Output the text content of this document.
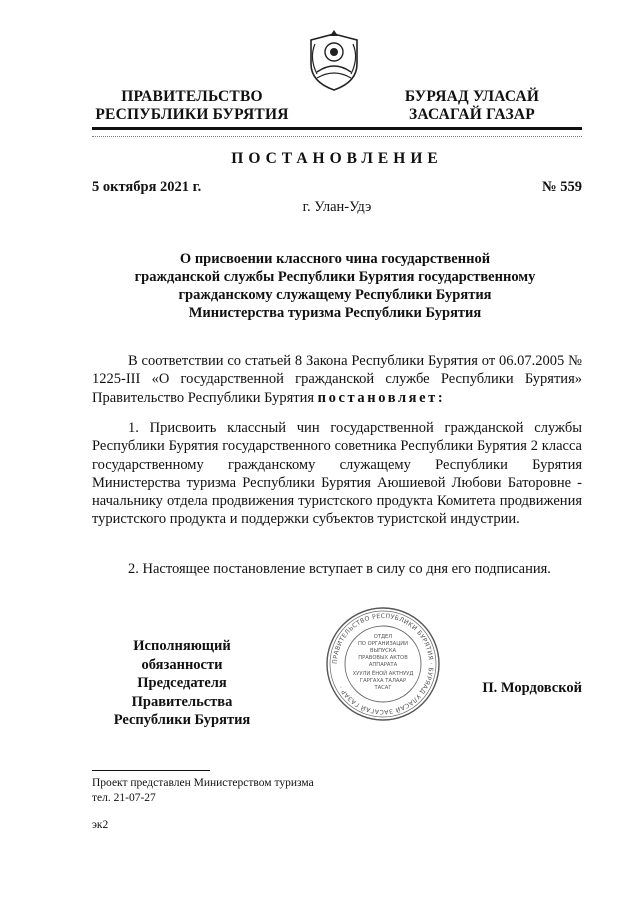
ПРАВИТЕЛЬСТВО
РЕСПУБЛИКИ БУРЯТИЯ
БУРЯАД УЛАСАЙ
ЗАСАГАЙ ГАЗАР
ПОСТАНОВЛЕНИЕ
5 октября 2021 г.	№ 559
г. Улан-Удэ
О присвоении классного чина государственной
гражданской службы Республики Бурятия государственному
гражданскому служащему Республики Бурятия
Министерства туризма Республики Бурятия
В соответствии со статьей 8 Закона Республики Бурятия от 06.07.2005 № 1225-III «О государственной гражданской службе Республики Бурятия» Правительство Республики Бурятия постановляет:
1. Присвоить классный чин государственной гражданской службы Республики Бурятия государственного советника Республики Бурятия 2 класса государственному гражданскому служащему Республики Бурятия Министерства туризма Республики Бурятия Аюшиевой Любови Баторовне - начальнику отдела продвижения туристского продукта Комитета продвижения туристского продукта и поддержки субъектов туристской индустрии.
2. Настоящее постановление вступает в силу со дня его подписания.
Исполняющий обязанности
Председателя Правительства
Республики Бурятия
ПРАВИТЕЛЬСТВО РЕСПУБЛИКИ БУРЯТИЯ · БУРЯАД УЛАСАЙ ЗАСАГАЙ ГАЗАР ·
ОТДЕЛ
ПО ОРГАНИЗАЦИИ
ВЫПУСКА
ПРАВОВЫХ АКТОВ
АППАРАТА
ХУУЛИ ЁНОЙ АКТНУУД
ГАРГАХА ТАЛААР
ТАСАГ	П. Мордовской
Проект представлен Министерством туризма
тел. 21-07-27
эк2
